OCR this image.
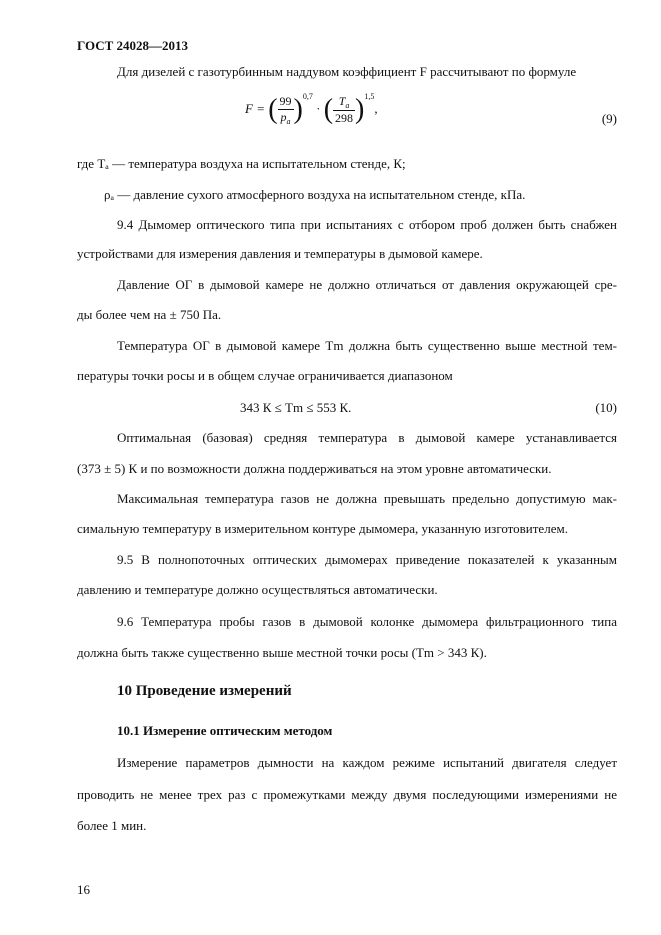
ГОСТ 24028—2013
Для дизелей с газотурбинным наддувом коэффициент F рассчитывают по формуле
F = ( $\frac{99}{p_a} )^{0,7}$ · ( $\frac{T_a}{298} )^{1,5}$,
(9)
где Tₐ — температура воздуха на испытательном стенде, К;
ρₐ — давление сухого атмосферного воздуха на испытательном стенде, кПа.
9.4 Дымомер оптического типа при испытаниях с отбором проб должен быть снабжен
устройствами для измерения давления и температуры в дымовой камере.
Давление ОГ в дымовой камере не должно отличаться от давления окружающей сре-
ды более чем на ± 750 Па.
Температура ОГ в дымовой камере Tm должна быть существенно выше местной тем-
пературы точки росы и в общем случае ограничивается диапазоном
343 К ≤ Tm ≤ 553 К.	(10)
Оптимальная (базовая) средняя температура в дымовой камере устанавливается
(373 ± 5) К и по возможности должна поддерживаться на этом уровне автоматически.
Максимальная температура газов не должна превышать предельно допустимую мак-
симальную температуру в измерительном контуре дымомера, указанную изготовителем.
9.5 В полнопоточных оптических дымомерах приведение показателей к указанным
давлению и температуре должно осуществляться автоматически.
9.6 Температура пробы газов в дымовой колонке дымомера фильтрационного типа
должна быть также существенно выше местной точки росы (Tm > 343 К).
10 Проведение измерений
10.1 Измерение оптическим методом
Измерение параметров дымности на каждом режиме испытаний двигателя следует
проводить не менее трех раз с промежутками между двумя последующими измерениями не
более 1 мин.
16
